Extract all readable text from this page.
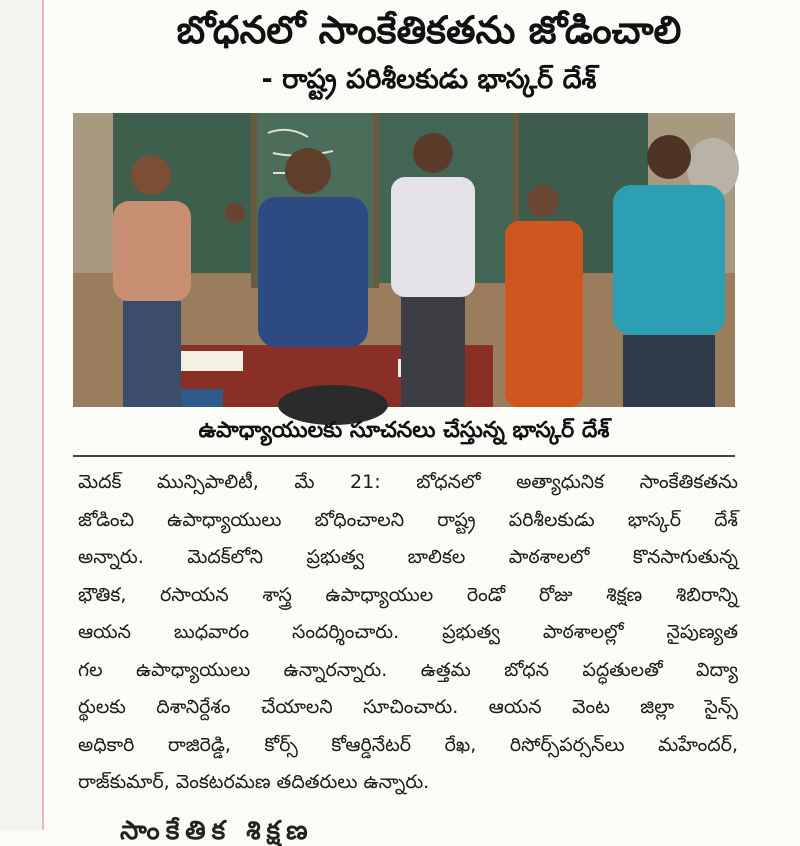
బోధనలో సాంకేతికతను జోడించాలి
- రాష్ట్ర పరిశీలకుడు భాస్కర్ దేశ్
ఉపాధ్యాయులకు సూచనలు చేస్తున్న భాస్కర్ దేశ్
మెదక్ మున్సిపాలిటీ, మే 21: బోధనలో అత్యాధునిక సాంకేతికతను
జోడించి ఉపాధ్యాయులు బోధించాలని రాష్ట్ర పరిశీలకుడు భాస్కర్ దేశ్
అన్నారు. మెదక్‌లోని ప్రభుత్వ బాలికల పాఠశాలలో కొనసాగుతున్న
భౌతిక, రసాయన శాస్త్ర ఉపాధ్యాయుల రెండో రోజు శిక్షణ శిబిరాన్ని
ఆయన బుధవారం సందర్శించారు. ప్రభుత్వ పాఠశాలల్లో నైపుణ్యత
గల ఉపాధ్యాయులు ఉన్నారన్నారు. ఉత్తమ బోధన పద్ధతులతో విద్యా
ర్థులకు దిశానిర్దేశం చేయాలని సూచించారు. ఆయన వెంట జిల్లా సైన్స్
అధికారి రాజిరెడ్డి, కోర్స్ కోఆర్డినేటర్ రేఖ, రిసోర్స్‌పర్సన్‌లు మహేందర్,
రాజ్‌కుమార్, వెంకటరమణ తదితరులు ఉన్నారు.
సాంకేతిక శిక్షణ
